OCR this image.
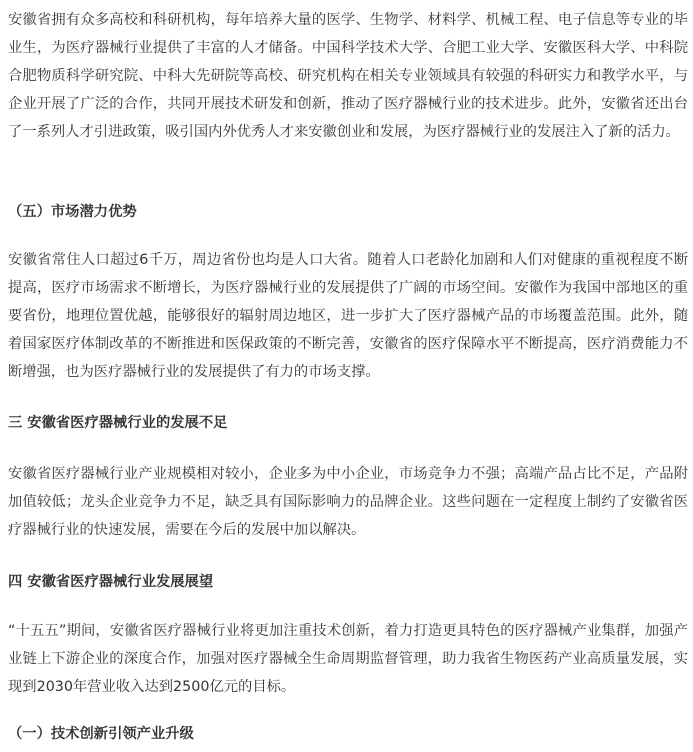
安徽省拥有众多高校和科研机构，每年培养大量的医学、生物学、材料学、机械工程、电子信息等专业的毕业生，为医疗器械行业提供了丰富的人才储备。中国科学技术大学、合肥工业大学、安徽医科大学、中科院合肥物质科学研究院、中科大先研院等高校、研究机构在相关专业领域具有较强的科研实力和教学水平，与企业开展了广泛的合作，共同开展技术研发和创新，推动了医疗器械行业的技术进步。此外，安徽省还出台了一系列人才引进政策，吸引国内外优秀人才来安徽创业和发展，为医疗器械行业的发展注入了新的活力。

（五）市场潜力优势

安徽省常住人口超过6千万，周边省份也均是人口大省。随着人口老龄化加剧和人们对健康的重视程度不断提高，医疗市场需求不断增长，为医疗器械行业的发展提供了广阔的市场空间。安徽作为我国中部地区的重要省份，地理位置优越，能够很好的辐射周边地区，进一步扩大了医疗器械产品的市场覆盖范围。此外，随着国家医疗体制改革的不断推进和医保政策的不断完善，安徽省的医疗保障水平不断提高，医疗消费能力不断增强，也为医疗器械行业的发展提供了有力的市场支撑。

三 安徽省医疗器械行业的发展不足

安徽省医疗器械行业产业规模相对较小，企业多为中小企业，市场竞争力不强；高端产品占比不足，产品附加值较低；龙头企业竞争力不足，缺乏具有国际影响力的品牌企业。这些问题在一定程度上制约了安徽省医疗器械行业的快速发展，需要在今后的发展中加以解决。

四 安徽省医疗器械行业发展展望

“十五五”期间，安徽省医疗器械行业将更加注重技术创新，着力打造更具特色的医疗器械产业集群，加强产业链上下游企业的深度合作，加强对医疗器械全生命周期监督管理，助力我省生物医药产业高质量发展，实现到2030年营业收入达到2500亿元的目标。

（一）技术创新引领产业升级
